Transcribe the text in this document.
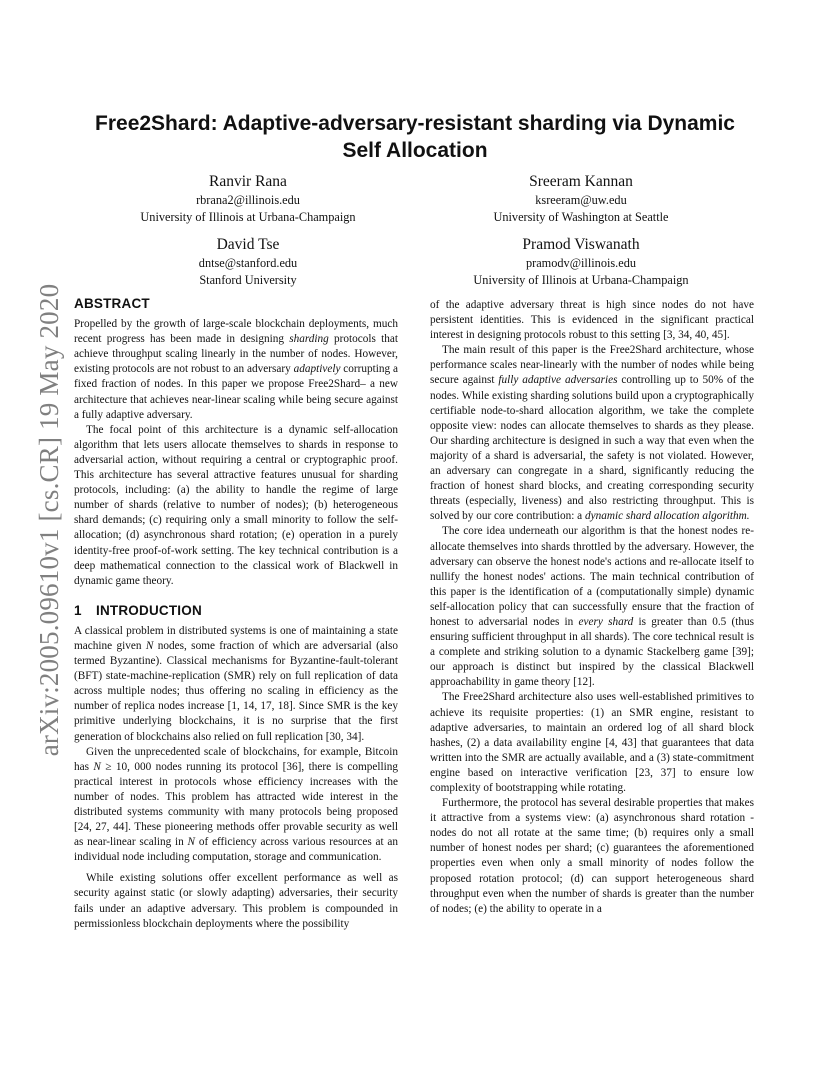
arXiv:2005.09610v1 [cs.CR] 19 May 2020
Free2Shard: Adaptive-adversary-resistant sharding via Dynamic
Self Allocation
Ranvir Rana
rbrana2@illinois.edu
University of Illinois at Urbana-Champaign
Sreeram Kannan
ksreeram@uw.edu
University of Washington at Seattle
David Tse
dntse@stanford.edu
Stanford University
Pramod Viswanath
pramodv@illinois.edu
University of Illinois at Urbana-Champaign
ABSTRACT

Propelled by the growth of large-scale blockchain deployments, much recent progress has been made in designing sharding protocols that achieve throughput scaling linearly in the number of nodes. However, existing protocols are not robust to an adversary adaptively corrupting a fixed fraction of nodes. In this paper we propose Free2Shard– a new architecture that achieves near-linear scaling while being secure against a fully adaptive adversary.

The focal point of this architecture is a dynamic self-allocation algorithm that lets users allocate themselves to shards in response to adversarial action, without requiring a central or cryptographic proof. This architecture has several attractive features unusual for sharding protocols, including: (a) the ability to handle the regime of large number of shards (relative to number of nodes); (b) heterogeneous shard demands; (c) requiring only a small minority to follow the self-allocation; (d) asynchronous shard rotation; (e) operation in a purely identity-free proof-of-work setting. The key technical contribution is a deep mathematical connection to the classical work of Blackwell in dynamic game theory.

1 INTRODUCTION

A classical problem in distributed systems is one of maintaining a state machine given N nodes, some fraction of which are adversarial (also termed Byzantine). Classical mechanisms for Byzantine-fault-tolerant (BFT) state-machine-replication (SMR) rely on full replication of data across multiple nodes; thus offering no scaling in efficiency as the number of replica nodes increase [1, 14, 17, 18]. Since SMR is the key primitive underlying blockchains, it is no surprise that the first generation of blockchains also relied on full replication [30, 34].

Given the unprecedented scale of blockchains, for example, Bitcoin has N ≥ 10, 000 nodes running its protocol [36], there is compelling practical interest in protocols whose efficiency increases with the number of nodes. This problem has attracted wide interest in the distributed systems community with many protocols being proposed [24, 27, 44]. These pioneering methods offer provable security as well as near-linear scaling in N of efficiency across various resources at an individual node including computation, storage and communication.

While existing solutions offer excellent performance as well as security against static (or slowly adapting) adversaries, their security fails under an adaptive adversary. This problem is compounded in permissionless blockchain deployments where the possibility

of the adaptive adversary threat is high since nodes do not have persistent identities. This is evidenced in the significant practical interest in designing protocols robust to this setting [3, 34, 40, 45].

The main result of this paper is the Free2Shard architecture, whose performance scales near-linearly with the number of nodes while being secure against fully adaptive adversaries controlling up to 50% of the nodes. While existing sharding solutions build upon a cryptographically certifiable node-to-shard allocation algorithm, we take the complete opposite view: nodes can allocate themselves to shards as they please. Our sharding architecture is designed in such a way that even when the majority of a shard is adversarial, the safety is not violated. However, an adversary can congregate in a shard, significantly reducing the fraction of honest shard blocks, and creating corresponding security threats (especially, liveness) and also restricting throughput. This is solved by our core contribution: a dynamic shard allocation algorithm.

The core idea underneath our algorithm is that the honest nodes re-allocate themselves into shards throttled by the adversary. However, the adversary can observe the honest node's actions and re-allocate itself to nullify the honest nodes' actions. The main technical contribution of this paper is the identification of a (computationally simple) dynamic self-allocation policy that can successfully ensure that the fraction of honest to adversarial nodes in every shard is greater than 0.5 (thus ensuring sufficient throughput in all shards). The core technical result is a complete and striking solution to a dynamic Stackelberg game [39]; our approach is distinct but inspired by the classical Blackwell approachability in game theory [12].

The Free2Shard architecture also uses well-established primitives to achieve its requisite properties: (1) an SMR engine, resistant to adaptive adversaries, to maintain an ordered log of all shard block hashes, (2) a data availability engine [4, 43] that guarantees that data written into the SMR are actually available, and a (3) state-commitment engine based on interactive verification [23, 37] to ensure low complexity of bootstrapping while rotating.

Furthermore, the protocol has several desirable properties that makes it attractive from a systems view: (a) asynchronous shard rotation - nodes do not all rotate at the same time; (b) requires only a small number of honest nodes per shard; (c) guarantees the aforementioned properties even when only a small minority of nodes follow the proposed rotation protocol; (d) can support heterogeneous shard throughput even when the number of shards is greater than the number of nodes; (e) the ability to operate in a
